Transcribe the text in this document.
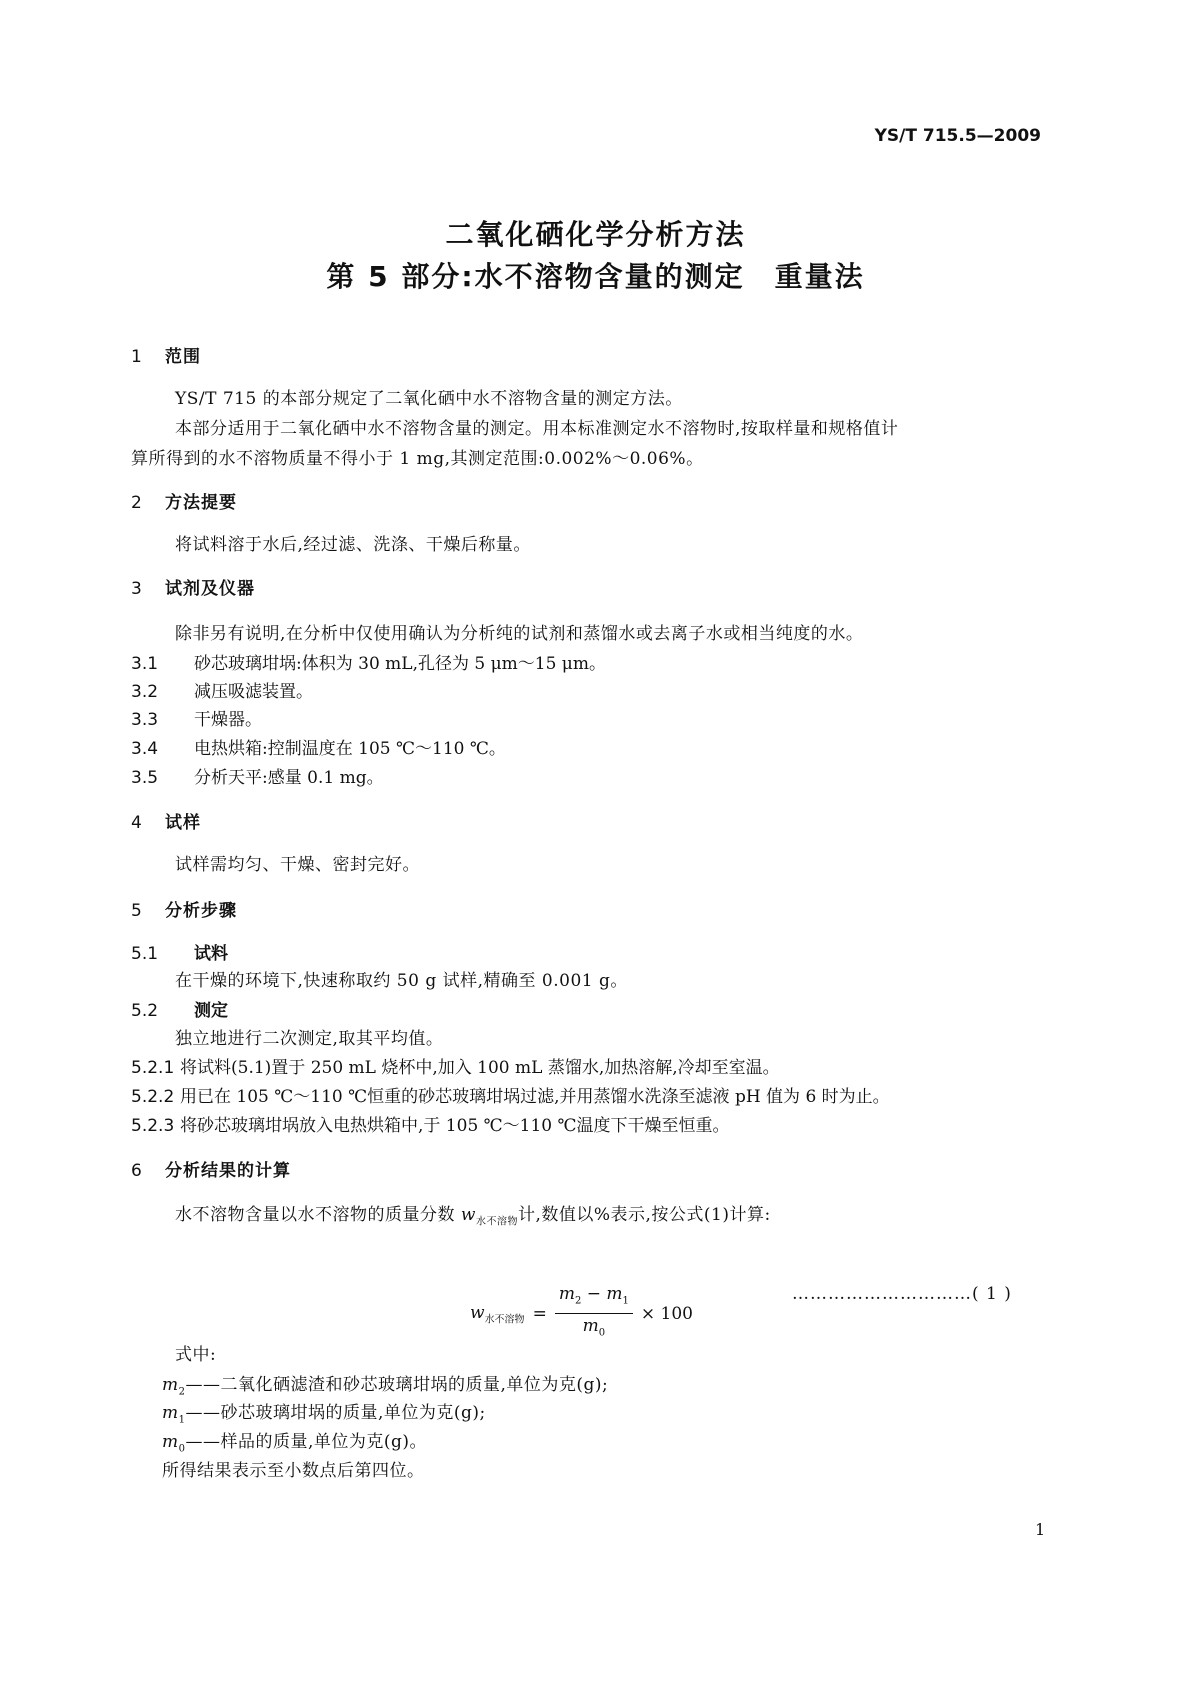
YS/T 715.5—2009
二氧化硒化学分析方法
第 5 部分:水不溶物含量的测定　重量法
1 范围
YS/T 715 的本部分规定了二氧化硒中水不溶物含量的测定方法。
本部分适用于二氧化硒中水不溶物含量的测定。用本标准测定水不溶物时,按取样量和规格值计
算所得到的水不溶物质量不得小于 1 mg,其测定范围:0.002%～0.06%。
2 方法提要
将试料溶于水后,经过滤、洗涤、干燥后称量。
3 试剂及仪器
除非另有说明,在分析中仅使用确认为分析纯的试剂和蒸馏水或去离子水或相当纯度的水。
3.1 砂芯玻璃坩埚:体积为 30 mL,孔径为 5 μm～15 μm。
3.2 减压吸滤装置。
3.3 干燥器。
3.4 电热烘箱:控制温度在 105 ℃～110 ℃。
3.5 分析天平:感量 0.1 mg。
4 试样
试样需均匀、干燥、密封完好。
5 分析步骤
5.1 试料
在干燥的环境下,快速称取约 50 g 试样,精确至 0.001 g。
5.2 测定
独立地进行二次测定,取其平均值。
5.2.1 将试料(5.1)置于 250 mL 烧杯中,加入 100 mL 蒸馏水,加热溶解,冷却至室温。
5.2.2 用已在 105 ℃～110 ℃恒重的砂芯玻璃坩埚过滤,并用蒸馏水洗涤至滤液 pH 值为 6 时为止。
5.2.3 将砂芯玻璃坩埚放入电热烘箱中,于 105 ℃～110 ℃温度下干燥至恒重。
6 分析结果的计算
水不溶物含量以水不溶物的质量分数 $w_{水不溶物}$计,数值以%表示,按公式(1)计算:
$w_{水不溶物} = \frac{m_2 - m_1}{m_0} \times 100$
…………………………( 1 )
式中:
$m_2——$二氧化硒滤渣和砂芯玻璃坩埚的质量,单位为克(g);
$m_1——$砂芯玻璃坩埚的质量,单位为克(g);
$m_0——$样品的质量,单位为克(g)。
所得结果表示至小数点后第四位。
1
